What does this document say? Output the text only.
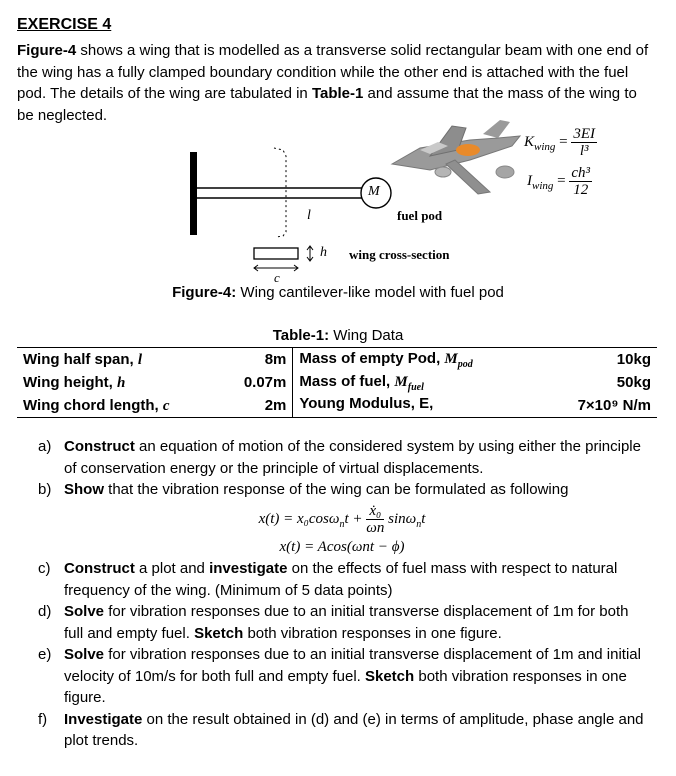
EXERCISE 4
Figure-4 shows a wing that is modelled as a transverse solid rectangular beam with one end of the wing has a fully clamped boundary condition while the other end is attached with the fuel pod. The details of the wing are tabulated in Table-1 and assume that the mass of the wing to be neglected.
M
l	fuel pod
h wing cross-section
c
$K_{wing} = \frac{3EI}{\text{l³}}$
$I_{wing} = \frac{\text{ch³}}{12}$
Figure-4: Wing cantilever-like model with fuel pod
Table-1: Wing Data
Wing half span, l	8m	Mass of empty Pod, $M_{pod}$	10kg
Wing height, h	0.07m	Mass of fuel, $M_{fuel}$	50kg
Wing chord length, c	2m	Young Modulus, E,	7×10⁹ N/m
a) Construct an equation of motion of the considered system by using either the principle of conservation energy or the principle of virtual displacements.
b) Show that the vibration response of the wing can be formulated as following
$x(t) = x_0\cos\omega_nt + \frac{\text{ẋ₀}}{\omega n} \sin\omega_nt$
x(t) = Acos(ωnt − ϕ)
c) Construct a plot and investigate on the effects of fuel mass with respect to natural frequency of the wing. (Minimum of 5 data points)
d) Solve for vibration responses due to an initial transverse displacement of 1m for both full and empty fuel. Sketch both vibration responses in one figure.
e) Solve for vibration responses due to an initial transverse displacement of 1m and initial velocity of 10m/s for both full and empty fuel. Sketch both vibration responses in one figure.
f) Investigate on the result obtained in (d) and (e) in terms of amplitude, phase angle and plot trends.
